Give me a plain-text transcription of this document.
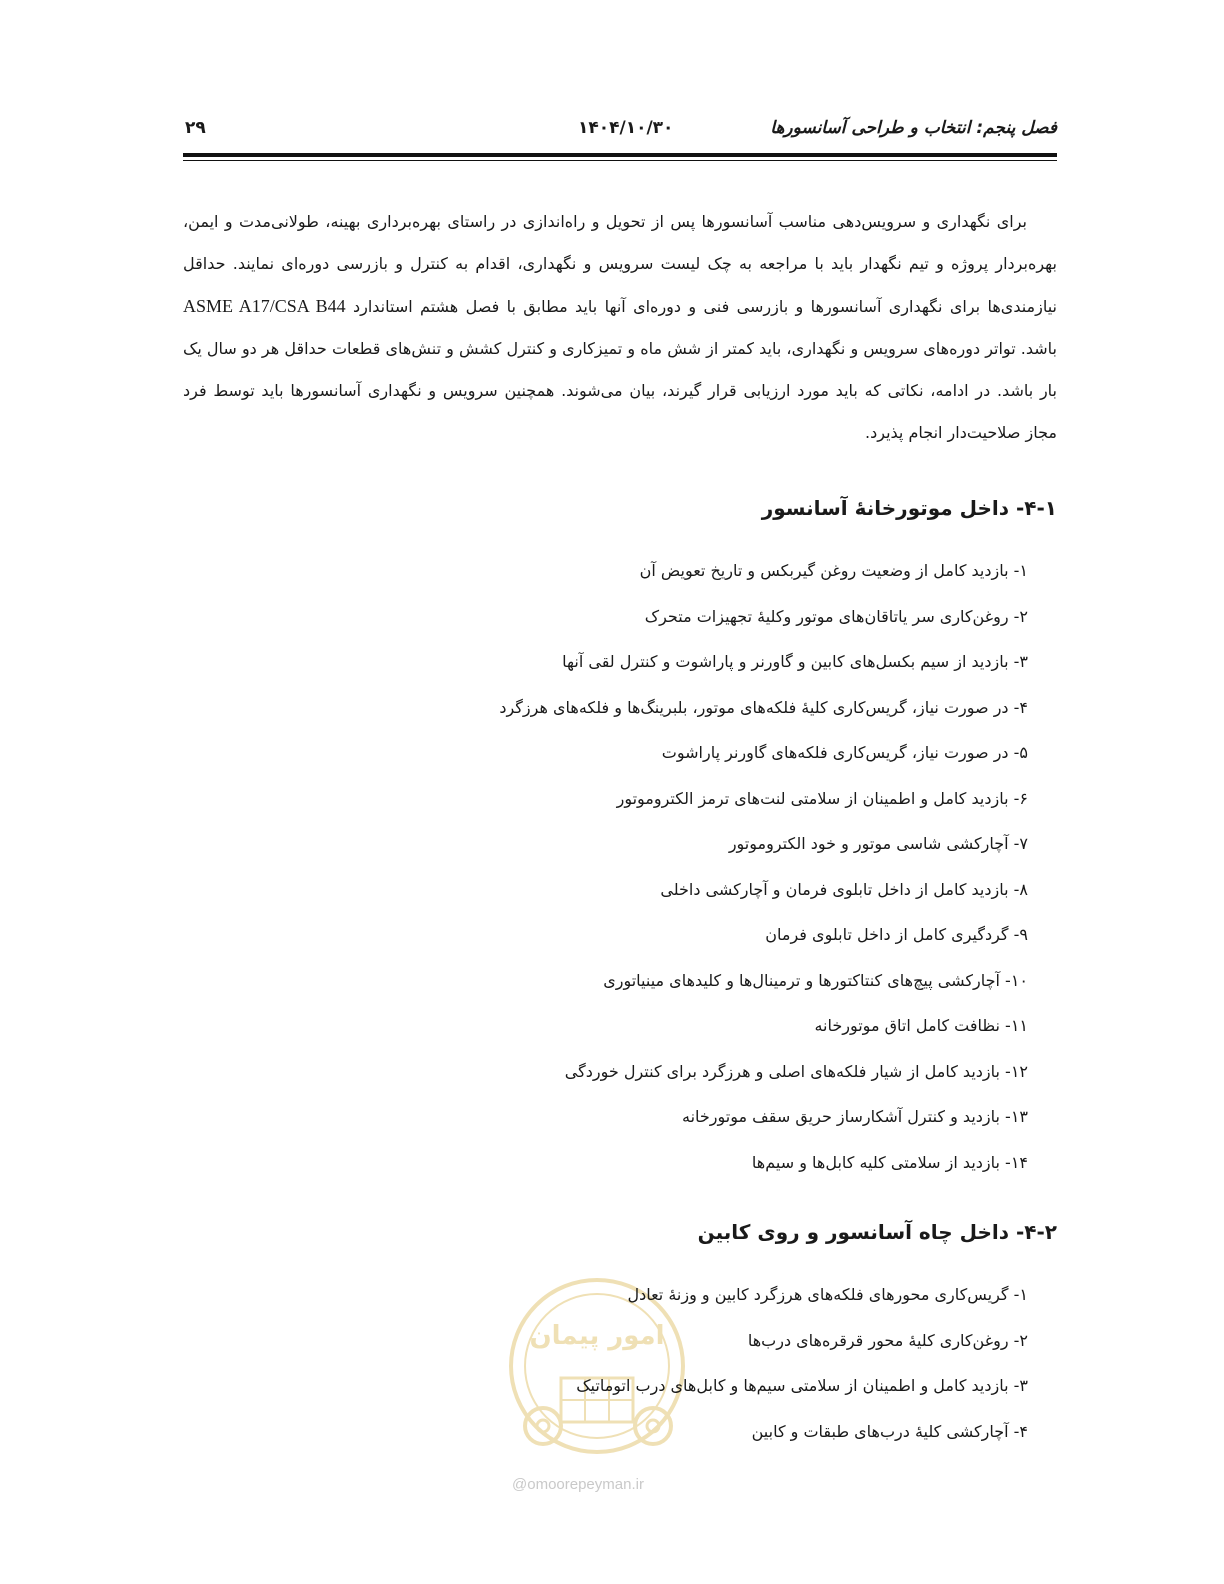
فصل پنجم: انتخاب و طراحی آسانسورها
۱۴۰۴/۱۰/۳۰
۲۹

برای نگهداری و سرویس‌دهی مناسب آسانسورها پس از تحویل و راه‌اندازی در راستای بهره‌برداری بهینه، طولانی‌مدت و ایمن، بهره‌بردار پروژه و تیم نگهدار باید با مراجعه به چک لیست سرویس و نگهداری، اقدام به کنترل و بازرسی دوره‌ای نمایند. حداقل نیازمندی‌ها برای نگهداری آسانسورها و بازرسی فنی و دوره‌ای آنها باید مطابق با فصل هشتم استاندارد ASME A17/CSA B44 باشد. تواتر دوره‌های سرویس و نگهداری، باید کمتر از شش ماه و تمیزکاری و کنترل کشش و تنش‌های قطعات حداقل هر دو سال یک بار باشد. در ادامه، نکاتی که باید مورد ارزیابی قرار گیرند، بیان می‌شوند. همچنین سرویس و نگهداری آسانسورها باید توسط فرد مجاز صلاحیت‌دار انجام پذیرد.

۴-۱- داخل موتورخانهٔ آسانسور
۱- بازدید کامل از وضعیت روغن گیربکس و تاریخ تعویض آن
۲- روغن‌کاری سر یاتاقان‌های موتور وکلیهٔ تجهیزات متحرک
۳- بازدید از سیم بکسل‌های کابین و گاورنر و پاراشوت و کنترل لقی آنها
۴- در صورت نیاز، گریس‌کاری کلیهٔ فلکه‌های موتور، بلبرینگ‌ها و فلکه‌های هرزگرد
۵- در صورت نیاز، گریس‌کاری فلکه‌های گاورنر پاراشوت
۶- بازدید کامل و اطمینان از سلامتی لنت‌های ترمز الکتروموتور
۷- آچارکشی شاسی موتور و خود الکتروموتور
۸- بازدید کامل از داخل تابلوی فرمان و آچارکشی داخلی
۹- گردگیری کامل از داخل تابلوی فرمان
۱۰- آچارکشی پیچ‌های کنتاکتورها و ترمینال‌ها و کلیدهای مینیاتوری
۱۱- نظافت کامل اتاق موتورخانه
۱۲- بازدید کامل از شیار فلکه‌های اصلی و هرزگرد برای کنترل خوردگی
۱۳- بازدید و کنترل آشکارساز حریق سقف موتورخانه
۱۴- بازدید از سلامتی کلیه کابل‌ها و سیم‌ها
امور پیمان
@omoorepeyman.ir
۴-۲- داخل چاه آسانسور و روی کابین
۱- گریس‌کاری محورهای فلکه‌های هرزگرد کابین و وزنهٔ تعادل
۲- روغن‌کاری کلیهٔ محور قرقره‌های درب‌ها
۳- بازدید کامل و اطمینان از سلامتی سیم‌ها و کابل‌های درب اتوماتیک
۴- آچارکشی کلیهٔ درب‌های طبقات و کابین
